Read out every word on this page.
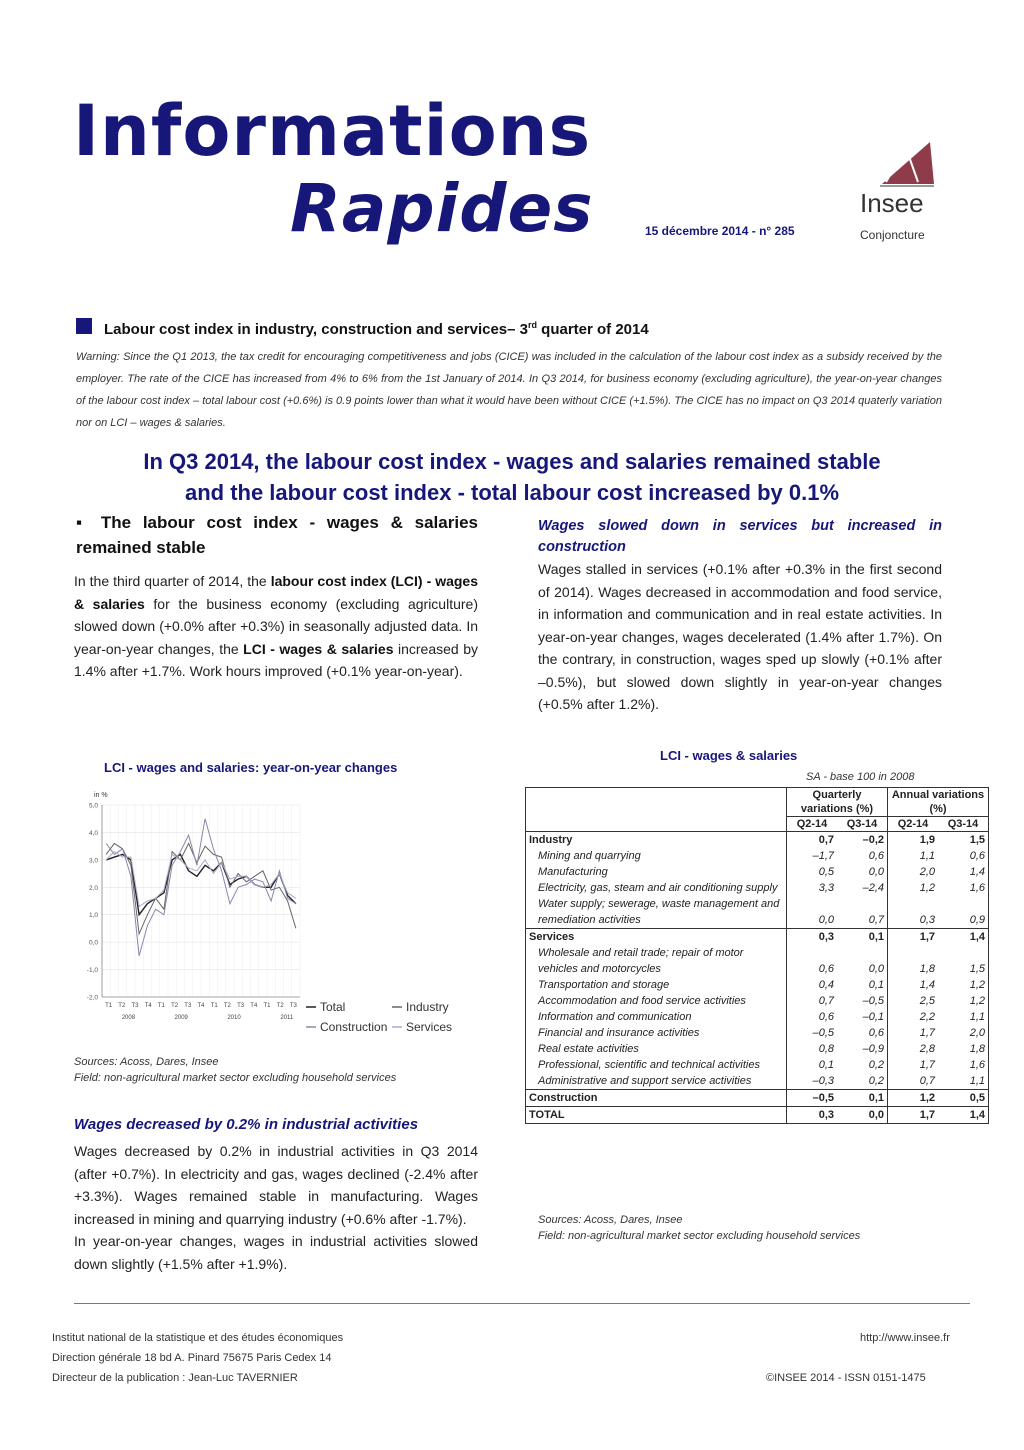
Informations
Rapides	15 décembre 2014 - n° 285
Insee
Conjoncture
Labour cost index in industry, construction and services– 3rd quarter of 2014
Warning: Since the Q1 2013, the tax credit for encouraging competitiveness and jobs (CICE) was included in the calculation of the labour cost index as a subsidy received by the employer. The rate of the CICE has increased from 4% to 6% from the 1st January of 2014. In Q3 2014, for business economy (excluding agriculture), the year-on-year changes of the labour cost index – total labour cost (+0.6%) is 0.9 points lower than what it would have been without CICE (+1.5%). The CICE has no impact on Q3 2014 quaterly variation nor on LCI – wages & salaries.
In Q3 2014, the labour cost index - wages and salaries remained stable
and the labour cost index - total labour cost increased by 0.1%
▪ The labour cost index - wages & salaries remained stable
In the third quarter of 2014, the labour cost index (LCI) - wages & salaries for the business economy (excluding agriculture) slowed down (+0.0% after +0.3%) in seasonally adjusted data. In year-on-year changes, the LCI - wages & salaries increased by 1.4% after +1.7%. Work hours improved (+0.1% year-on-year).
LCI - wages and salaries: year-on-year changes
in %
5,0
4,0
3,0
2,0
1,0
0,0
-1,0
-2,0
T1 T2 T3 T4 T1 T2 T3 T4 T1 T2 T3 T4 T1 T2 T3
2008	2009	2010	2011
Total	Industry
Construction Services
Sources: Acoss, Dares, Insee
Field: non-agricultural market sector excluding household services
Wages decreased by 0.2% in industrial activities
Wages decreased by 0.2% in industrial activities in Q3 2014 (after +0.7%). In electricity and gas, wages declined (-2.4% after +3.3%). Wages remained stable in manufacturing. Wages increased in mining and quarrying industry (+0.6% after -1.7%).
In year-on-year changes, wages in industrial activities slowed down slightly (+1.5% after +1.9%).
Wages slowed down in services but increased in construction
Wages stalled in services (+0.1% after +0.3% in the first second of 2014). Wages decreased in accommodation and food service, in information and communication and in real estate activities. In year-on-year changes, wages decelerated (1.4% after 1.7%). On the contrary, in construction, wages sped up slowly (+0.1% after –0.5%), but slowed down slightly in year-on-year changes (+0.5% after 1.2%).
LCI - wages & salaries
SA - base 100 in 2008
	Quarterly variations (%)		Annual variations (%)	
	Q2-14	Q3-14	Q2-14	Q3-14
Industry	0,7	–0,2	1,9	1,5
Mining and quarrying	–1,7	0,6	1,1	0,6
Manufacturing	0,5	0,0	2,0	1,4
Electricity, gas, steam and air conditioning supply	3,3	–2,4	1,2	1,6
Water supply; sewerage, waste management and remediation activities	0,0	0,7	0,3	0,9
Services	0,3	0,1	1,7	1,4
Wholesale and retail trade; repair of motor vehicles and motorcycles	0,6	0,0	1,8	1,5
Transportation and storage	0,4	0,1	1,4	1,2
Accommodation and food service activities	0,7	–0,5	2,5	1,2
Information and communication	0,6	–0,1	2,2	1,1
Financial and insurance activities	–0,5	0,6	1,7	2,0
Real estate activities	0,8	–0,9	2,8	1,8
Professional, scientific and technical activities	0,1	0,2	1,7	1,6
Administrative and support service activities	–0,3	0,2	0,7	1,1
Construction	–0,5	0,1	1,2	0,5
TOTAL	0,3	0,0	1,7	1,4
Sources: Acoss, Dares, Insee
Field: non-agricultural market sector excluding household services
Institut national de la statistique et des études économiques
Direction générale 18 bd A. Pinard 75675 Paris Cedex 14
Directeur de la publication : Jean-Luc TAVERNIER
http://www.insee.fr
©INSEE 2014 - ISSN 0151-1475
